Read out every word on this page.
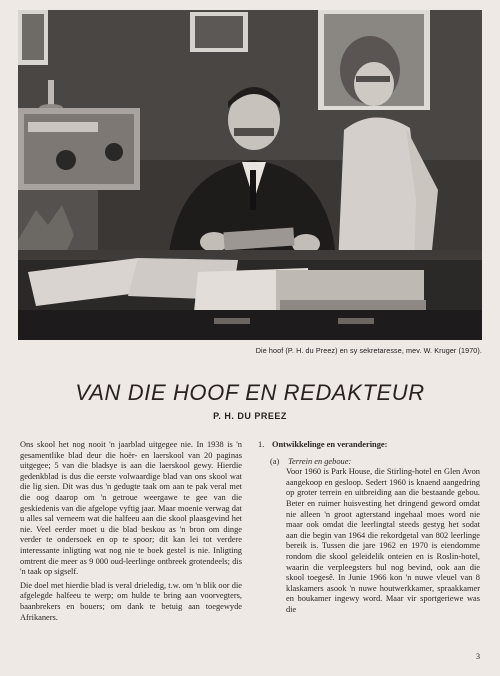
Die hoof (P. H. du Preez) en sy sekretaresse, mev. W. Kruger (1970).
VAN DIE HOOF EN REDAKTEUR
P. H. DU PREEZ

Ons skool het nog nooit 'n jaarblad uitgegee nie. In 1938 is 'n gesamentlike blad deur die hoër- en laerskool van 20 paginas uitgegee; 5 van die bladsye is aan die laerskool gewy. Hierdie gedenkblad is dus die eerste volwaardige blad van ons skool wat die lig sien. Dit was dus 'n gedugte taak om aan te pak veral met die oog daarop om 'n getroue weergawe te gee van die geskiedenis van die afgelope vyftig jaar. Maar moenie verwag dat u alles sal verneem wat die halfeeu aan die skool plaasgevind het nie. Veel eerder moet u die blad beskou as 'n bron om dinge verder te ondersoek en op te spoor; dit kan lei tot verdere interessante inligting wat nog nie te boek gestel is nie. Inligting omtrent die meer as 9 000 oud-leerlinge ontbreek grotendeels; dis 'n taak op sigself.

Die doel met hierdie blad is veral drieledig, t.w. om 'n blik oor die afgelegde halfeeu te werp; om hulde te bring aan voorvegters, baanbrekers en bouers; om dank te betuig aan toegewyde Afrikaners.

1. Ontwikkelinge en veranderinge:
(a) Terrein en geboue:

Voor 1960 is Park House, die Stirling-hotel en Glen Avon aangekoop en gesloop. Sedert 1960 is knaend aangedring op groter terrein en uitbreiding aan die bestaande gebou. Beter en ruimer huisvesting het dringend geword omdat nie alleen 'n groot agterstand ingehaal moes word nie maar ook omdat die leerlingtal steeds gestyg het sodat aan die begin van 1964 die rekordgetal van 802 leerlinge bereik is. Tussen die jare 1962 en 1970 is eiendomme rondom die skool geleidelik onteien en is Roslin-hotel, waarin die verpleegsters hul nog bevind, ook aan die skool toegesê. In Junie 1966 kon 'n nuwe vleuel van 8 klaskamers asook 'n nuwe houtwerkkamer, spraakkamer en boukamer ingewy word. Maar vir sportgeriewe was die

3
